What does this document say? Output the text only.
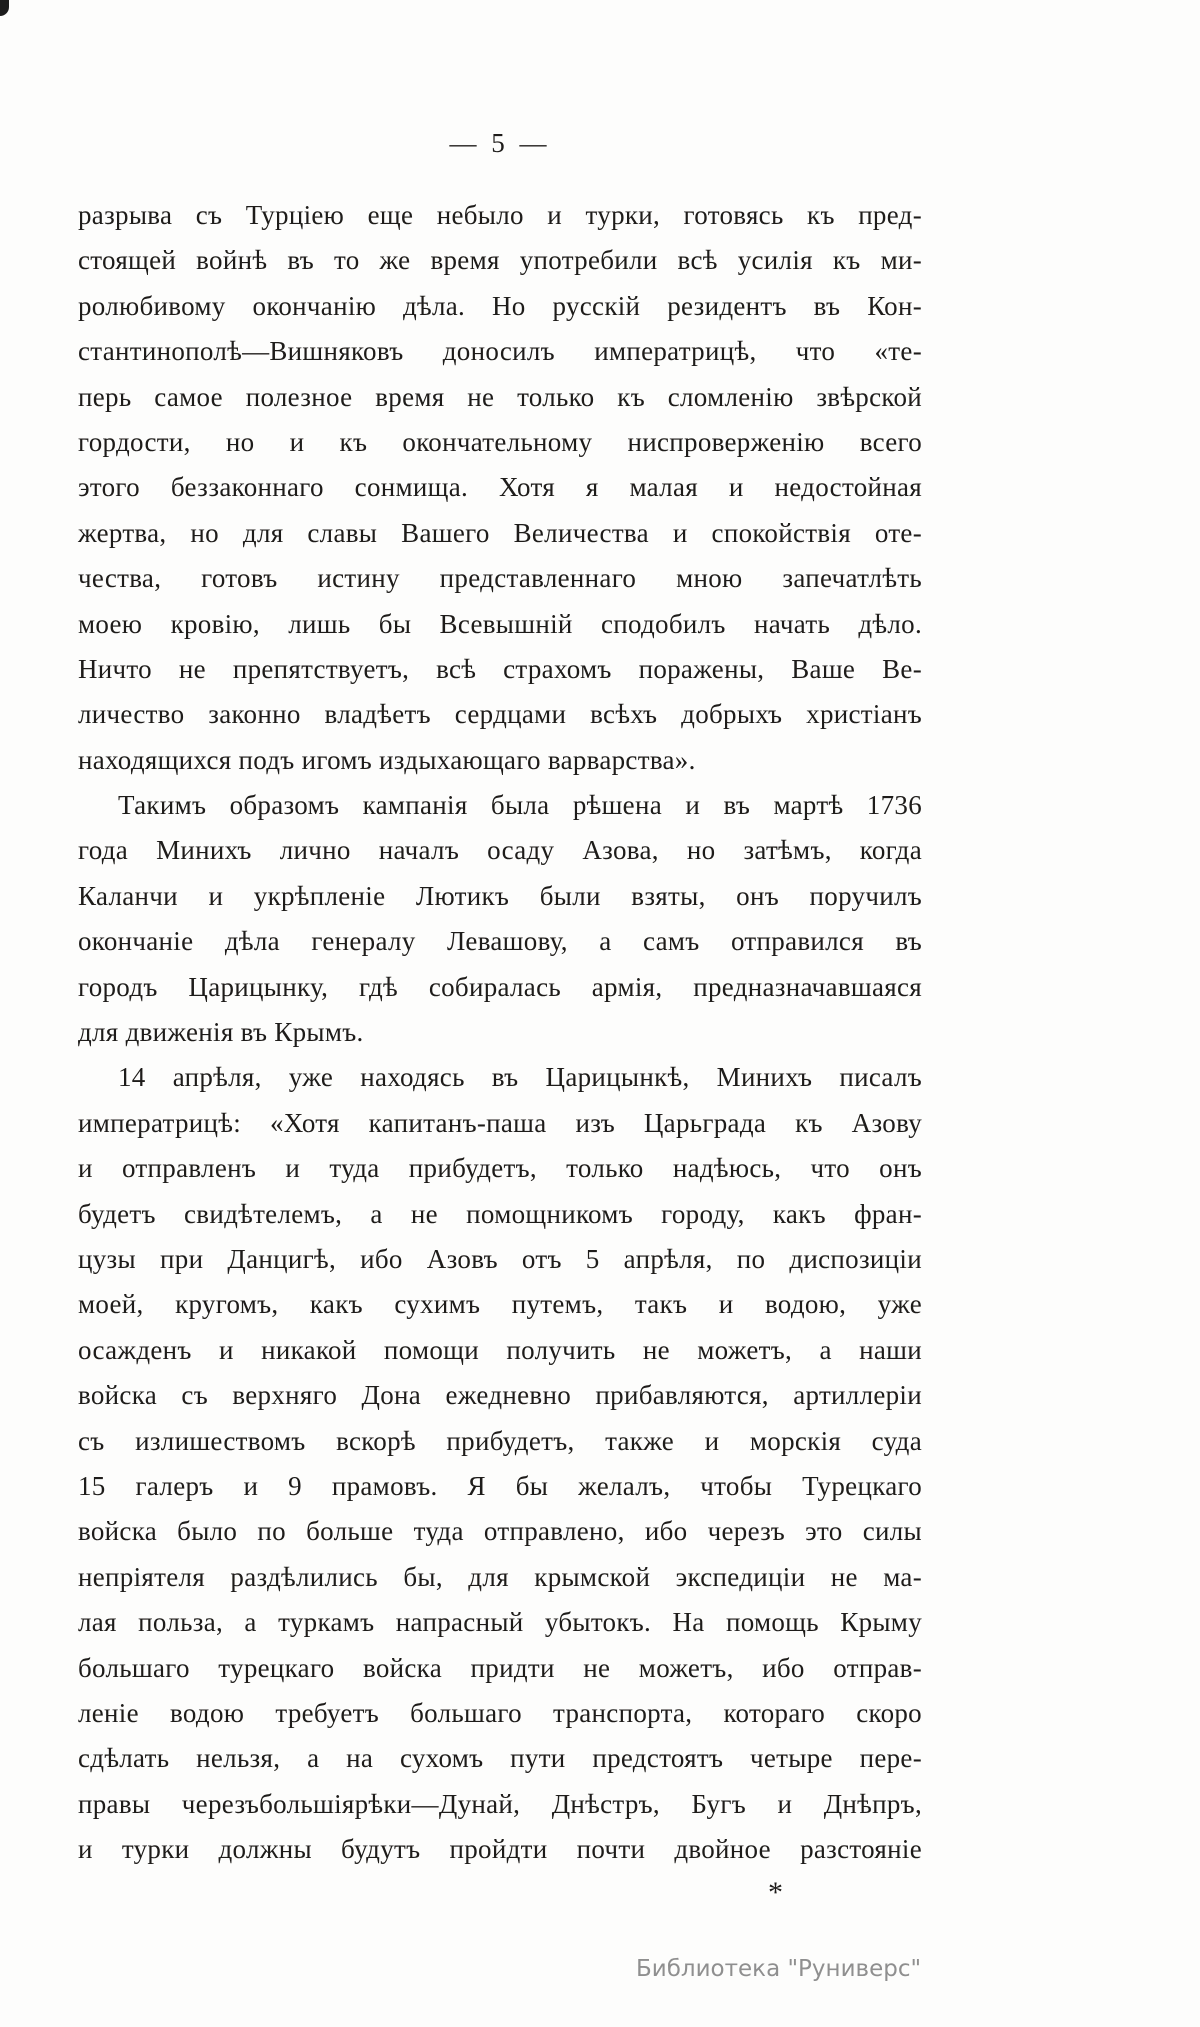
— 5 —
разрыва съ Турціею еще небыло и турки, готовясь къ пред-
стоящей войнѣ въ то же время употребили всѣ усилія къ ми-
ролюбивому окончанію дѣла. Но русскій резидентъ въ Кон-
стантинополѣ—Вишняковъ доносилъ императрицѣ, что «те-
перь самое полезное время не только къ сломленію звѣрской
гордости, но и къ окончательному ниспроверженію всего
этого беззаконнаго сонмища. Хотя я малая и недостойная
жертва, но для славы Вашего Величества и спокойствія оте-
чества, готовъ истину представленнаго мною запечатлѣть
моею кровію, лишь бы Всевышній сподобилъ начать дѣло.
Ничто не препятствуетъ, всѣ страхомъ поражены, Ваше Ве-
личество законно владѣетъ сердцами всѣхъ добрыхъ христіанъ
находящихся подъ игомъ издыхающаго варварства».
Такимъ образомъ кампанія была рѣшена и въ мартѣ 1736
года Минихъ лично началъ осаду Азова, но затѣмъ, когда
Каланчи и укрѣпленіе Лютикъ были взяты, онъ поручилъ
окончаніе дѣла генералу Левашову, а самъ отправился въ
городъ Царицынку, гдѣ собиралась армія, предназначавшаяся
для движенія въ Крымъ.
14 апрѣля, уже находясь въ Царицынкѣ, Минихъ писалъ
императрицѣ: «Хотя капитанъ-паша изъ Царьграда къ Азову
и отправленъ и туда прибудетъ, только надѣюсь, что онъ
будетъ свидѣтелемъ, а не помощникомъ городу, какъ фран-
цузы при Данцигѣ, ибо Азовъ отъ 5 апрѣля, по диспозиціи
моей, кругомъ, какъ сухимъ путемъ, такъ и водою, уже
осажденъ и никакой помощи получить не можетъ, а наши
войска съ верхняго Дона ежедневно прибавляются, артиллеріи
съ излишествомъ вскорѣ прибудетъ, также и морскія суда
15 галеръ и 9 прамовъ. Я бы желалъ, чтобы Турецкаго
войска было по больше туда отправлено, ибо черезъ это силы
непріятеля раздѣлились бы, для крымской экспедиціи не ма-
лая польза, а туркамъ напрасный убытокъ. На помощь Крыму
большаго турецкаго войска придти не можетъ, ибо отправ-
леніе водою требуетъ большаго транспорта, котораго скоро
сдѣлать нельзя, а на сухомъ пути предстоятъ четыре пере-
правы черезъбольшіярѣки—Дунай, Днѣстръ, Бугъ и Днѣпръ,
и турки должны будутъ пройдти почти двойное разстояніе
*
Библиотека "Руниверс"
